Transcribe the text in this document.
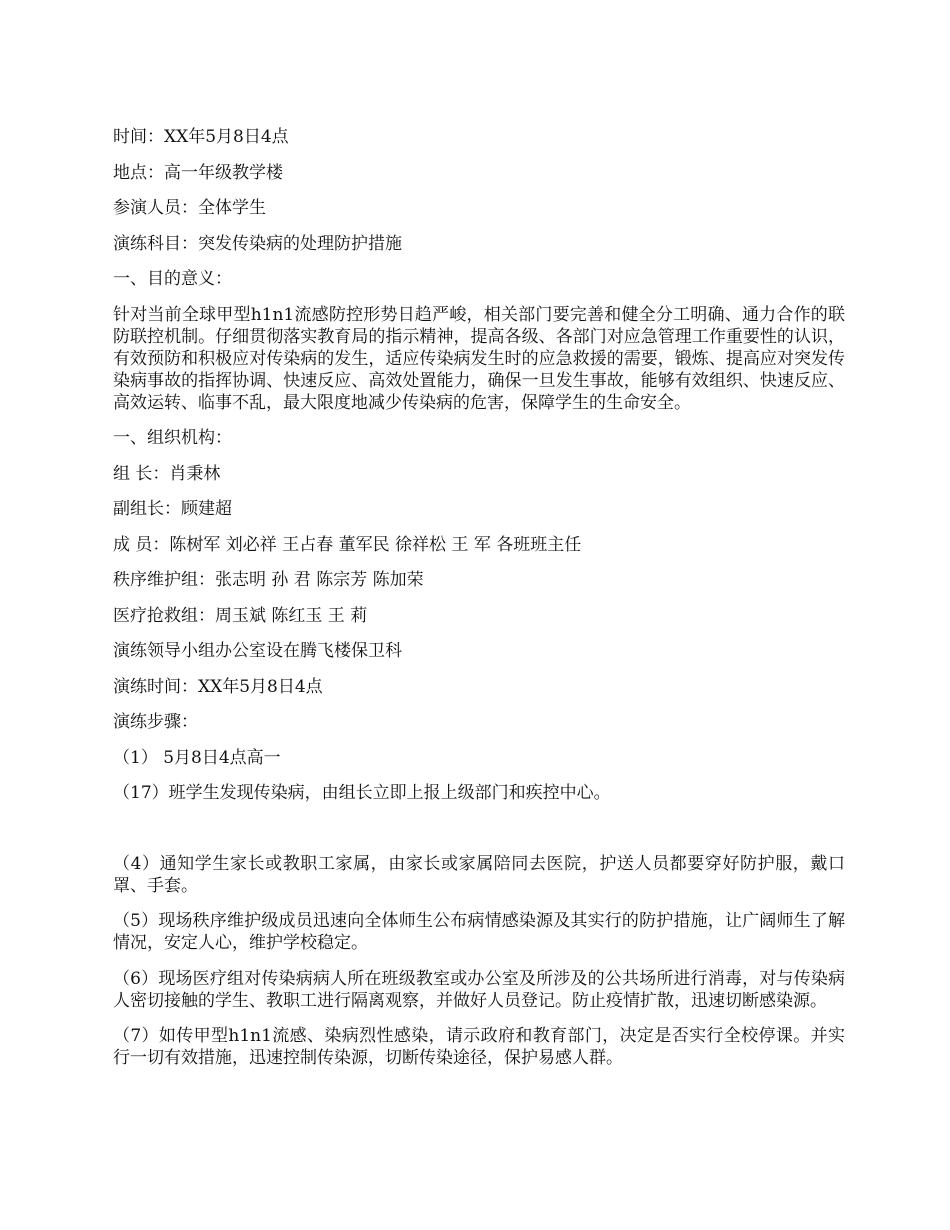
时间：XX年5月8日4点

地点：高一年级教学楼

参演人员：全体学生

演练科目：突发传染病的处理防护措施

一、目的意义：

针对当前全球甲型h1n1流感防控形势日趋严峻，相关部门要完善和健全分工明确、通力合作的联防联控机制。仔细贯彻落实教育局的指示精神，提高各级、各部门对应急管理工作重要性的认识，有效预防和积极应对传染病的发生，适应传染病发生时的应急救援的需要，锻炼、提高应对突发传染病事故的指挥协调、快速反应、高效处置能力，确保一旦发生事故，能够有效组织、快速反应、高效运转、临事不乱，最大限度地减少传染病的危害，保障学生的生命安全。

一、组织机构：

组 长：肖秉林

副组长：顾建超

成 员：陈树军 刘必祥 王占春 董军民 徐祥松 王 军 各班班主任

秩序维护组：张志明 孙 君 陈宗芳 陈加荣

医疗抢救组：周玉斌 陈红玉 王 莉

演练领导小组办公室设在腾飞楼保卫科

演练时间：XX年5月8日4点

演练步骤：

（1） 5月8日4点高一

（17）班学生发现传染病，由组长立即上报上级部门和疾控中心。

（4）通知学生家长或教职工家属，由家长或家属陪同去医院，护送人员都要穿好防护服，戴口罩、手套。

（5）现场秩序维护级成员迅速向全体师生公布病情感染源及其实行的防护措施，让广阔师生了解情况，安定人心，维护学校稳定。

（6）现场医疗组对传染病病人所在班级教室或办公室及所涉及的公共场所进行消毒，对与传染病人密切接触的学生、教职工进行隔离观察，并做好人员登记。防止疫情扩散，迅速切断感染源。

（7）如传甲型h1n1流感、染病烈性感染，请示政府和教育部门，决定是否实行全校停课。并实行一切有效措施，迅速控制传染源，切断传染途径，保护易感人群。
